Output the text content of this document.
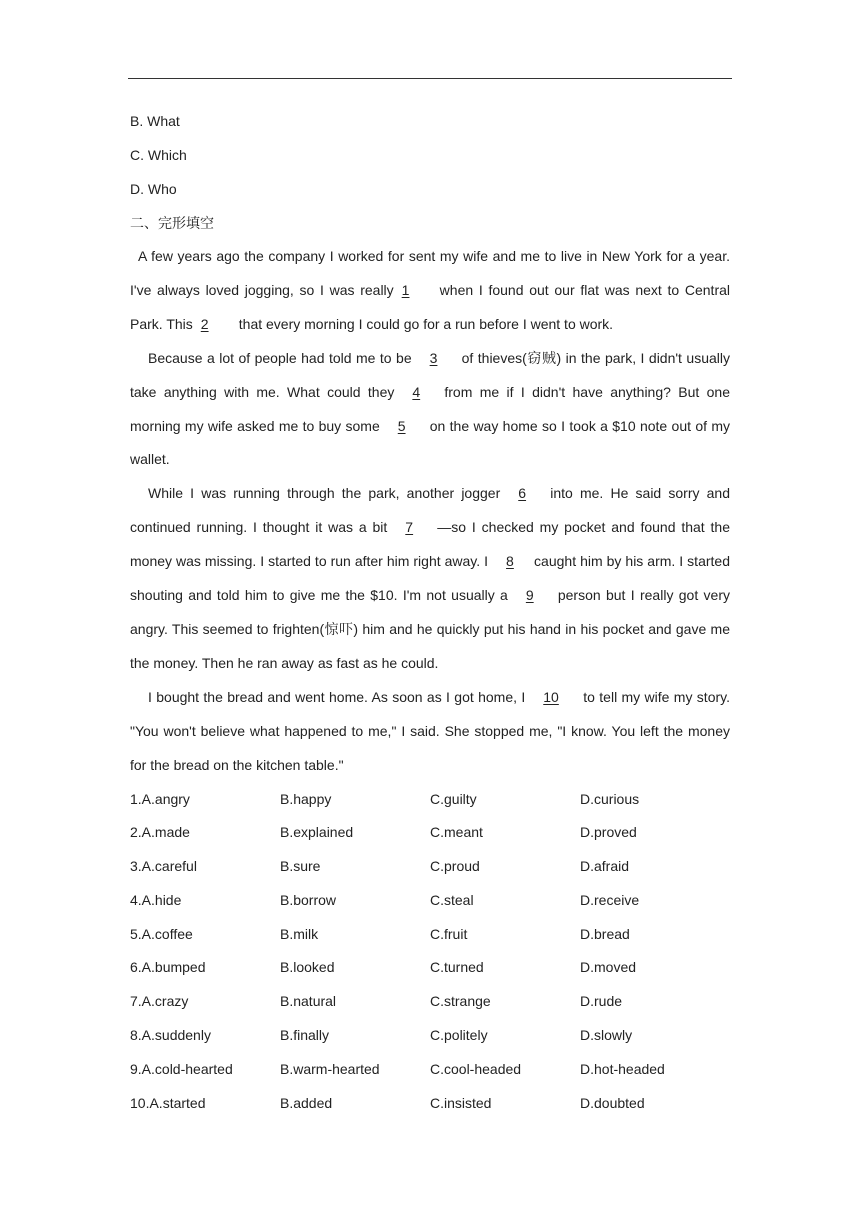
B. What
C. Which
D. Who
二、完形填空

A few years ago the company I worked for sent my wife and me to live in New York for a year. I've always loved jogging, so I was really 1 when I found out our flat was next to Central Park. This 2 that every morning I could go for a run before I went to work.

Because a lot of people had told me to be 3 of thieves(窃贼) in the park, I didn't usually take anything with me. What could they 4 from me if I didn't have anything? But one morning my wife asked me to buy some 5 on the way home so I took a $10 note out of my wallet.

While I was running through the park, another jogger 6 into me. He said sorry and continued running. I thought it was a bit 7 —so I checked my pocket and found that the money was missing. I started to run after him right away. I 8 caught him by his arm. I started shouting and told him to give me the $10. I'm not usually a 9 person but I really got very angry. This seemed to frighten(惊吓) him and he quickly put his hand in his pocket and gave me the money. Then he ran away as fast as he could.

I bought the bread and went home. As soon as I got home, I 10 to tell my wife my story. "You won't believe what happened to me," I said. She stopped me, "I know. You left the money for the bread on the kitchen table."

1.A.angry	B.happy	C.guilty	D.curious
2.A.made	B.explained	C.meant	D.proved
3.A.careful	B.sure	C.proud	D.afraid
4.A.hide	B.borrow	C.steal	D.receive
5.A.coffee	B.milk	C.fruit	D.bread
6.A.bumped	B.looked	C.turned	D.moved
7.A.crazy	B.natural	C.strange	D.rude
8.A.suddenly	B.finally	C.politely	D.slowly
9.A.cold-hearted	B.warm-hearted	C.cool-headed	D.hot-headed
10.A.started	B.added	C.insisted	D.doubted
